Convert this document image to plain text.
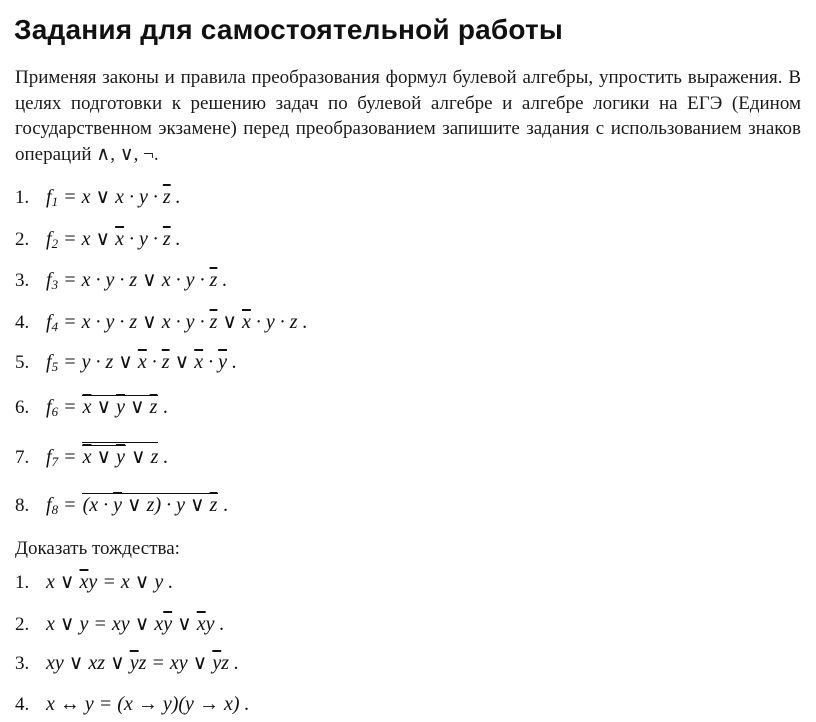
Задания для самостоятельной работы

Применяя законы и правила преобразования формул булевой алгебры, упростить выражения. В целях подготовки к решению задач по булевой алгебре и алгебре логики на ЕГЭ (Едином государственном экзамене) перед преобразованием запишите задания с использованием знаков операций ∧, ∨, ¬.

1. $f_1 = x$ ∨ $x \cdot y \cdot \overline{z}$ .
2. $f_2 = x$ ∨ $\overline{x} \cdot y \cdot \overline{z}$ .
3. $f_3 = x \cdot y \cdot z$ ∨ $x \cdot y \cdot \overline{z}$ .
4. $f_4 = x \cdot y \cdot z$ ∨ $x \cdot y \cdot \overline{z}$ ∨ $\overline{x} \cdot y \cdot z$ .
5. $f_5 = y \cdot z$ ∨ $\overline{x} \cdot \overline{z}$ ∨ $\overline{x} \cdot \overline{y}$ .
6. $f_6 = \overline{x}$ ∨ $\overline{y}$ ∨ $\overline{z}$ .
7. $f_7 = \overline{x}$ ∨ $\overline{y}$ ∨ z .
8. $f_8 = (x \cdot \overline{y}$ ∨ z) · y ∨ $\overline{z}$ .

Доказать тождества:

1. x ∨ $\overline{x}y = x$ ∨ y .
2. x ∨ y = xy ∨ $x\overline{y}$ ∨ $\overline{x}y$ .
3. xy ∨ xz ∨ $\overline{y}z$ = xy ∨ $\overline{y}z$ .
4. x ↔ y = (x → y)(y → x) .
